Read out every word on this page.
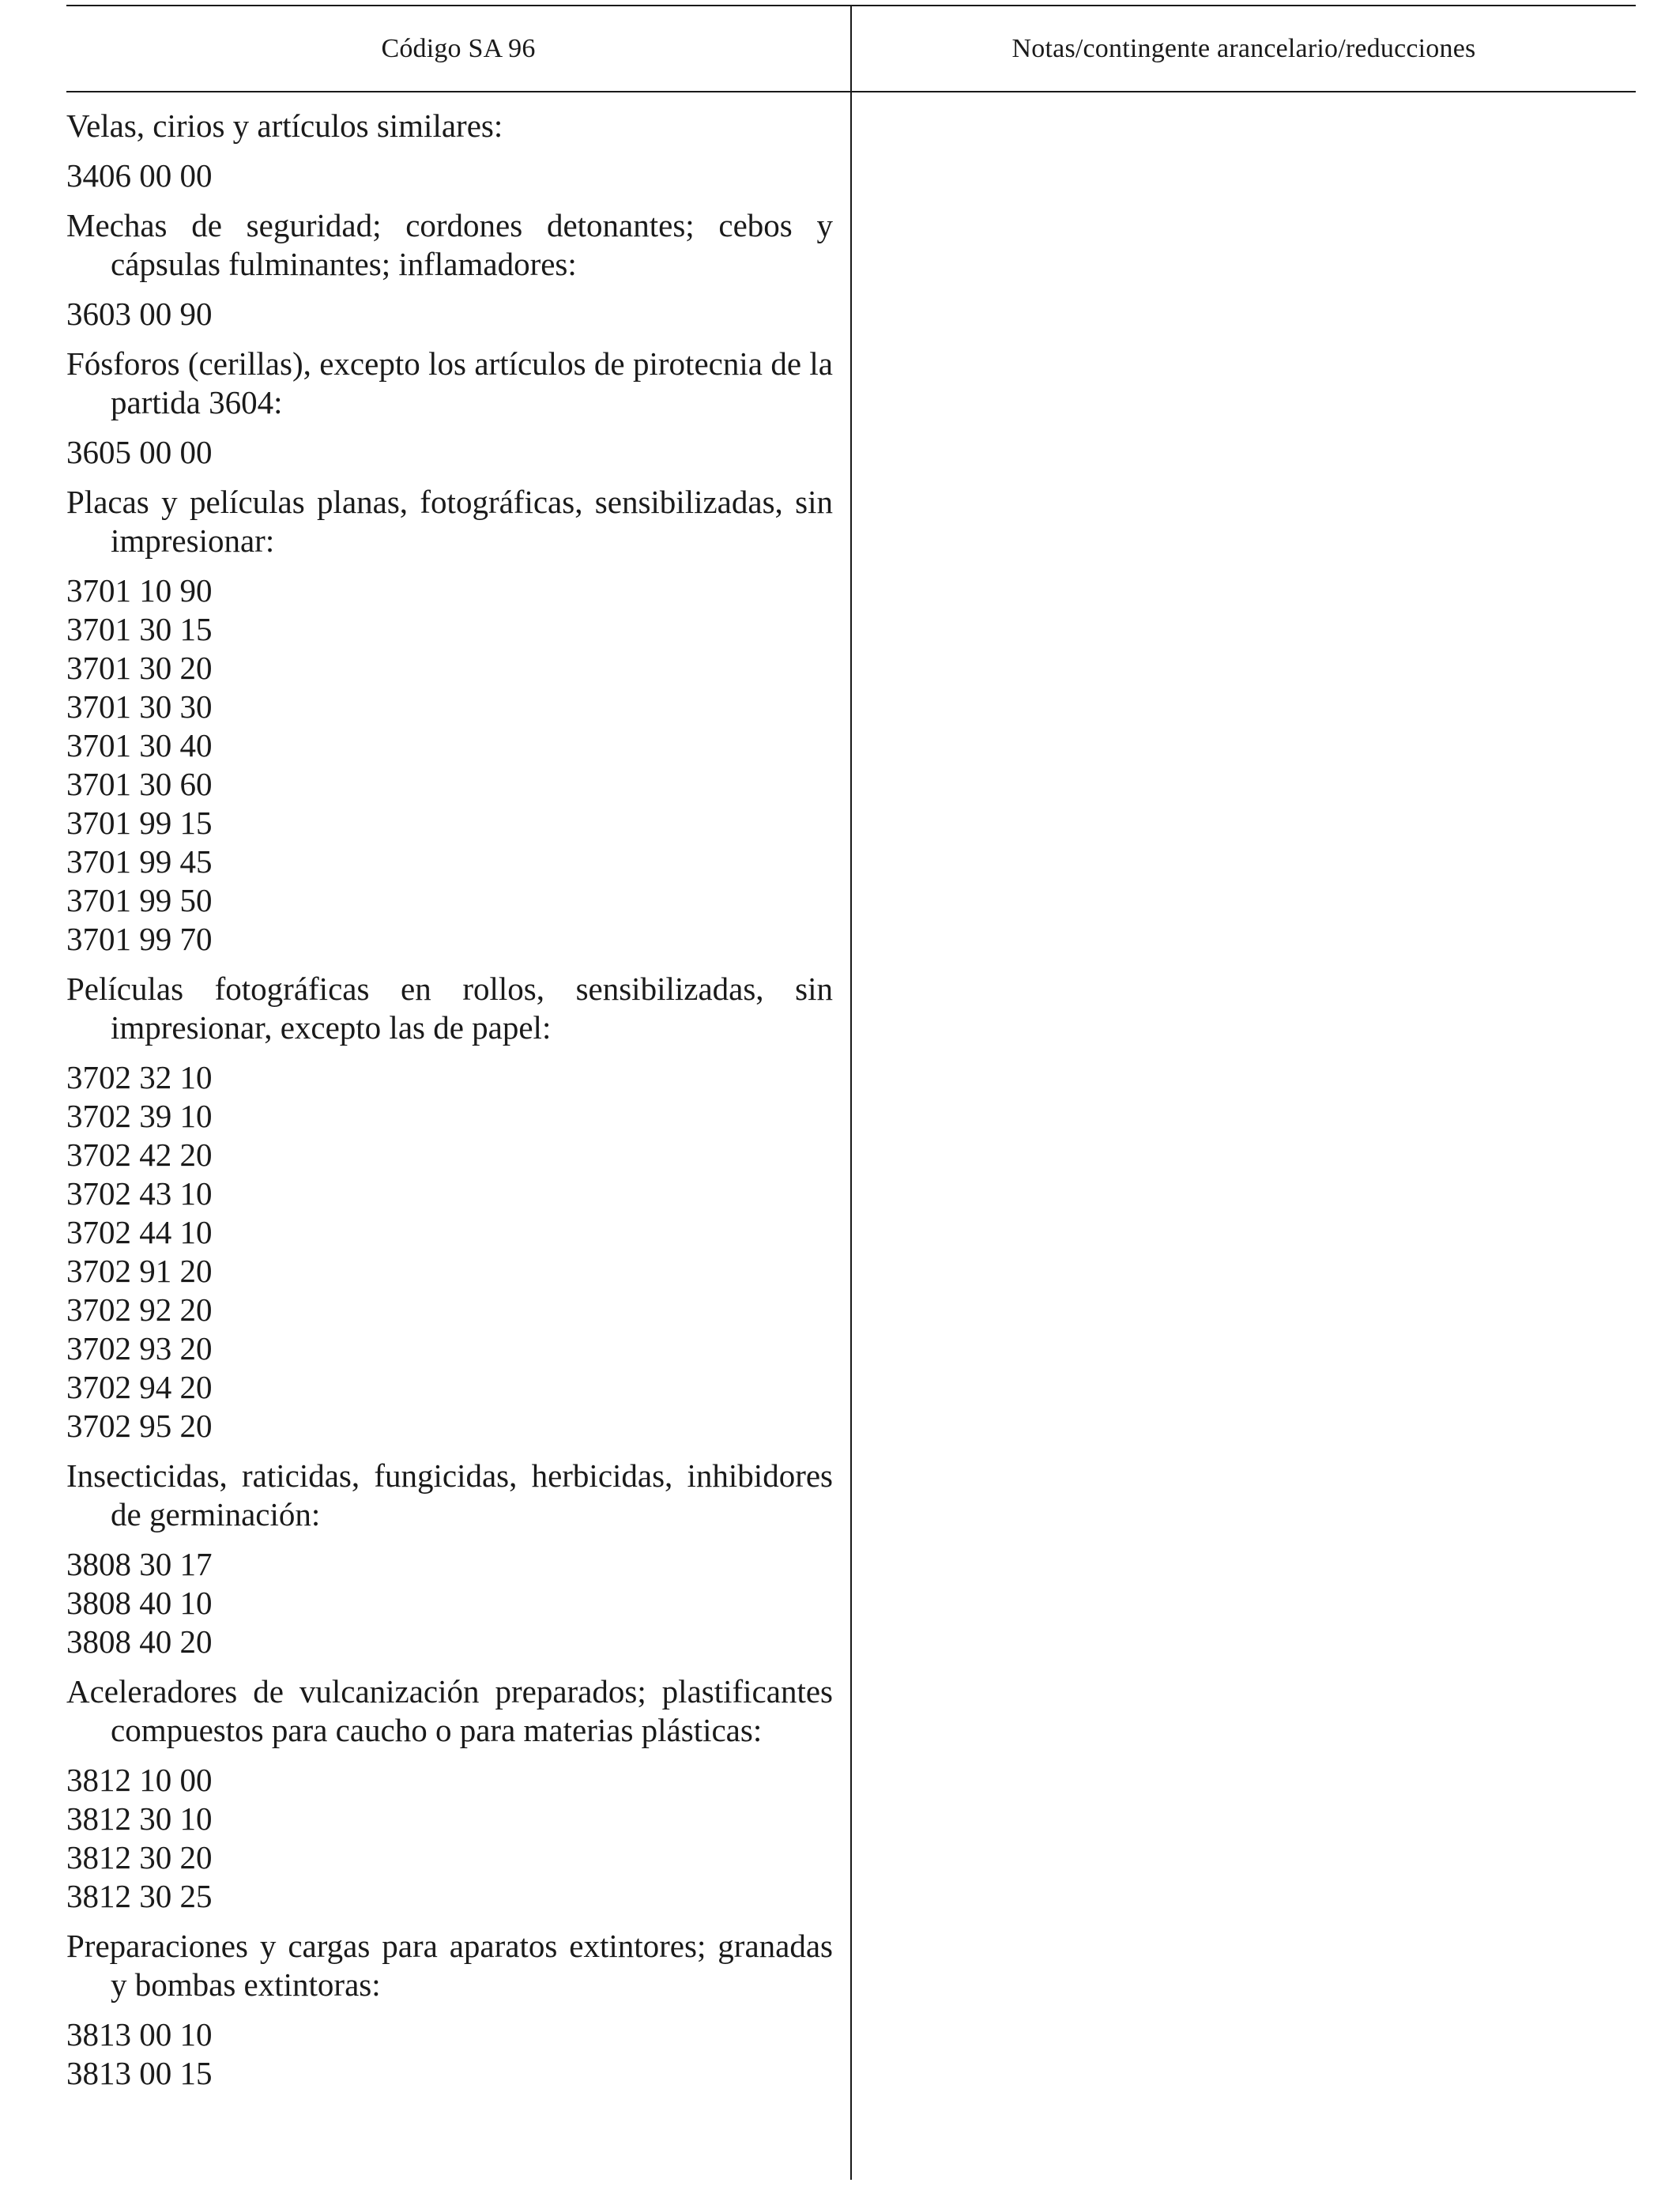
Código SA 96	Notas/contingente arancelario/reducciones
Velas, cirios y artículos similares:
3406 00 00
Mechas de seguridad; cordones detonantes; cebos y cápsulas fulminantes; inflamadores:
3603 00 90
Fósforos (cerillas), excepto los artículos de pirotecnia de la partida 3604:
3605 00 00
Placas y películas planas, fotográficas, sensibilizadas, sin impresionar:
3701 10 90
3701 30 15
3701 30 20
3701 30 30
3701 30 40
3701 30 60
3701 99 15
3701 99 45
3701 99 50
3701 99 70
Películas fotográficas en rollos, sensibilizadas, sin impresionar, excepto las de papel:
3702 32 10
3702 39 10
3702 42 20
3702 43 10
3702 44 10
3702 91 20
3702 92 20
3702 93 20
3702 94 20
3702 95 20
Insecticidas, raticidas, fungicidas, herbicidas, inhibidores de germinación:
3808 30 17
3808 40 10
3808 40 20
Aceleradores de vulcanización preparados; plastificantes compuestos para caucho o para materias plásticas:
3812 10 00
3812 30 10
3812 30 20
3812 30 25
Preparaciones y cargas para aparatos extintores; granadas y bombas extintoras:
3813 00 10
3813 00 15
